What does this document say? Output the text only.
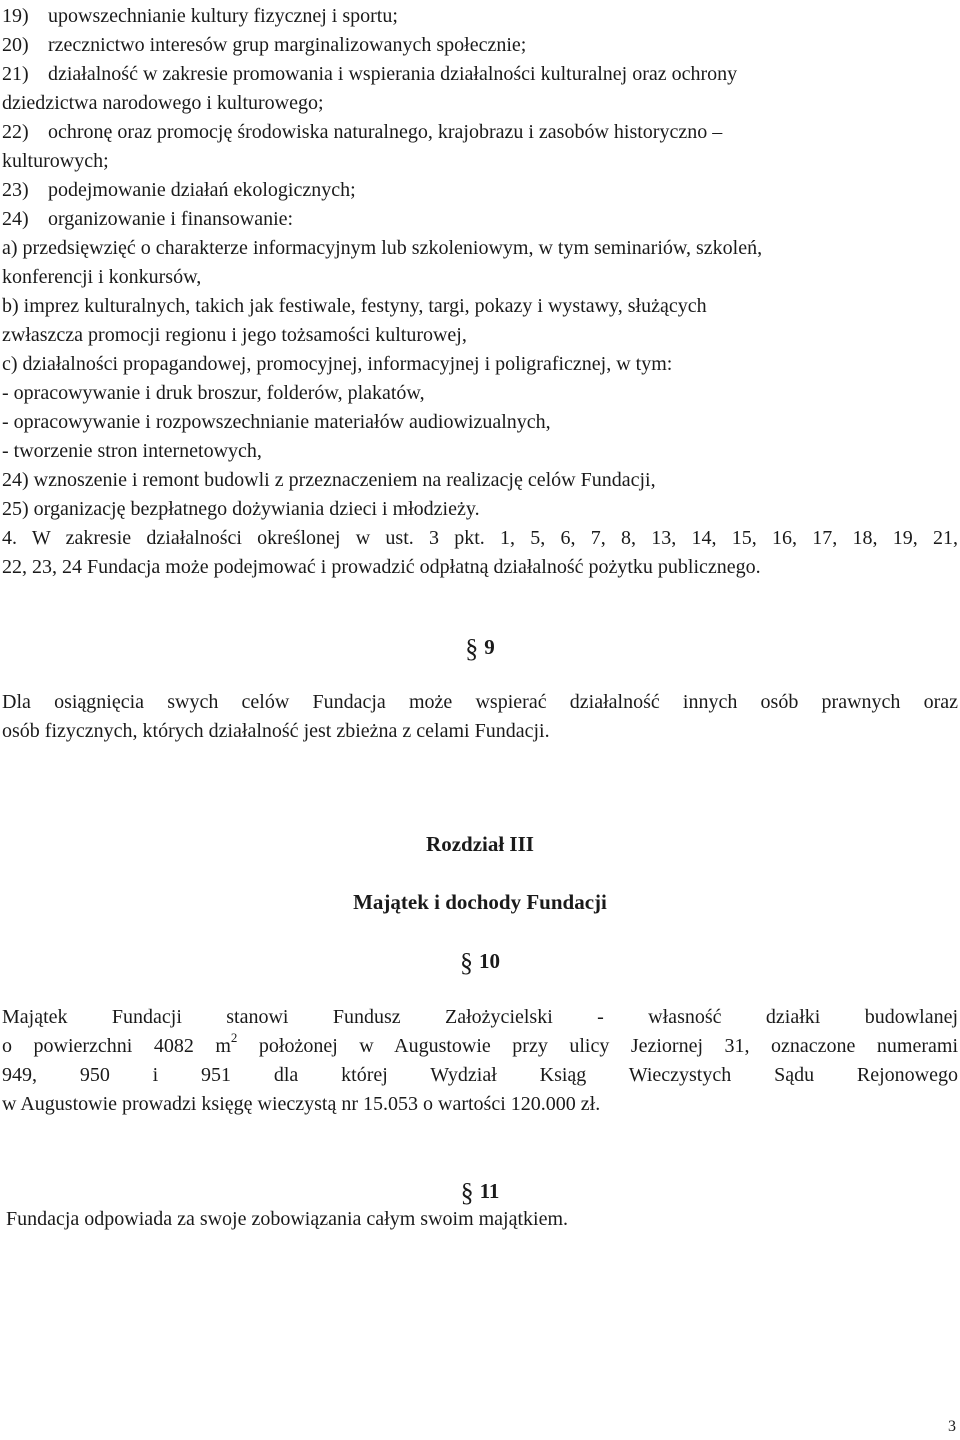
19) upowszechnianie kultury fizycznej i sportu;
20) rzecznictwo interesów grup marginalizowanych społecznie;
21) działalność w zakresie promowania i wspierania działalności kulturalnej oraz ochrony
dziedzictwa narodowego i kulturowego;
22) ochronę oraz promocję środowiska naturalnego, krajobrazu i zasobów historyczno –
kulturowych;
23) podejmowanie działań ekologicznych;
24) organizowanie i finansowanie:
a) przedsięwzięć o charakterze informacyjnym lub szkoleniowym, w tym seminariów, szkoleń,
konferencji i konkursów,
b) imprez kulturalnych, takich jak festiwale, festyny, targi, pokazy i wystawy, służących
zwłaszcza promocji regionu i jego tożsamości kulturowej,
c) działalności propagandowej, promocyjnej, informacyjnej i poligraficznej, w tym:
- opracowywanie i druk broszur, folderów, plakatów,
- opracowywanie i rozpowszechnianie materiałów audiowizualnych,
- tworzenie stron internetowych,
24) wznoszenie i remont budowli z przeznaczeniem na realizację celów Fundacji,
25) organizację bezpłatnego dożywiania dzieci i młodzieży.
4. W zakresie działalności określonej w ust. 3 pkt. 1, 5, 6, 7, 8, 13, 14, 15, 16, 17, 18, 19, 21,
22, 23, 24 Fundacja może podejmować i prowadzić odpłatną działalność pożytku publicznego.
§ 9
Dla osiągnięcia swych celów Fundacja może wspierać działalność innych osób prawnych oraz
osób fizycznych, których działalność jest zbieżna z celami Fundacji.
Rozdział III
Majątek i dochody Fundacji
§ 10
Majątek Fundacji stanowi Fundusz Założycielski - własność działki budowlanej
o powierzchni 4082 $m^2$ położonej w Augustowie przy ulicy Jeziornej 31, oznaczone numerami
949, 950 i 951 dla której Wydział Ksiąg Wieczystych Sądu Rejonowego
w Augustowie prowadzi księgę wieczystą nr 15.053 o wartości 120.000 zł.
§ 11
Fundacja odpowiada za swoje zobowiązania całym swoim majątkiem.
3
